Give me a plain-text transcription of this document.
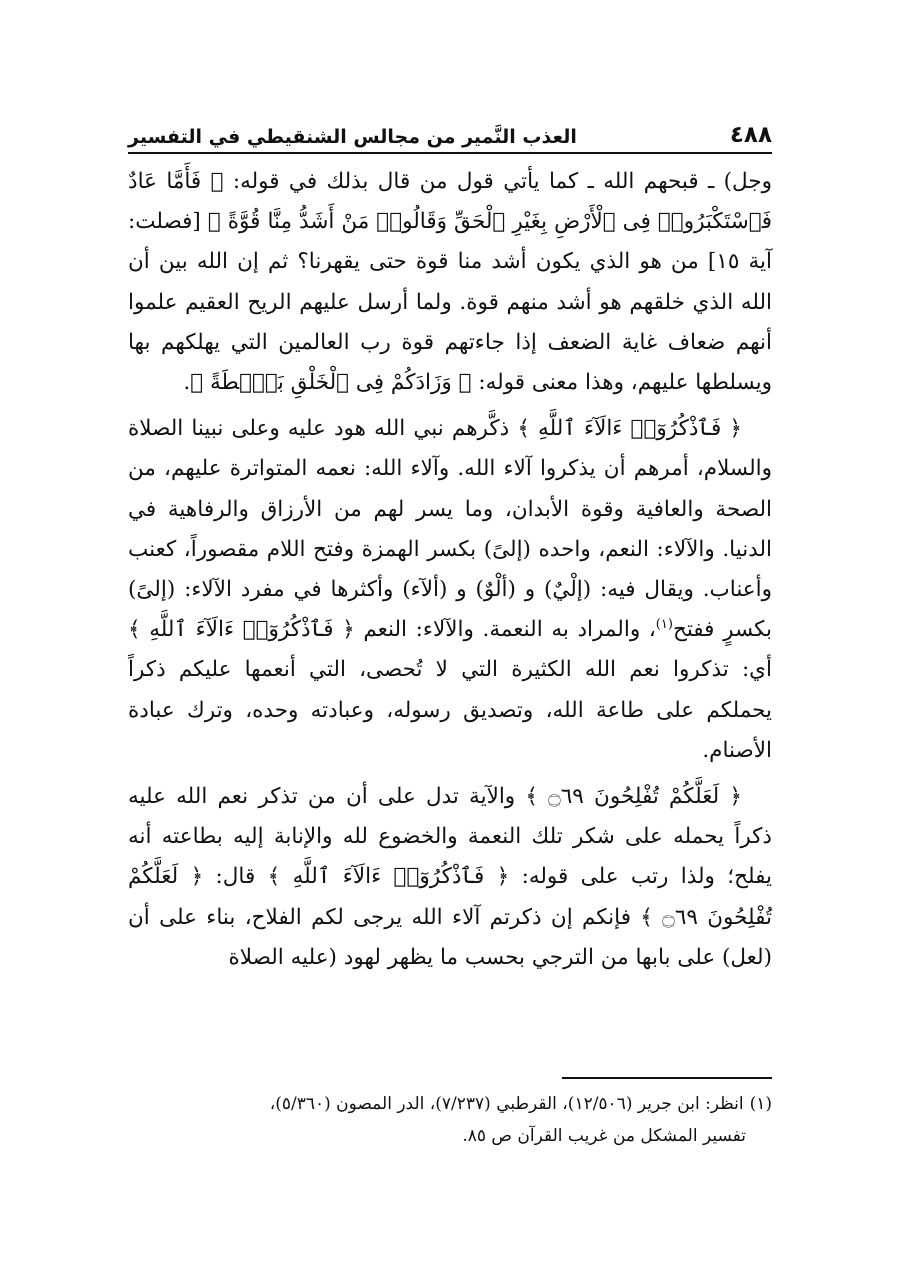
٤٨٨
العذب النَّمير من مجالس الشنقيطي في التفسير

وجل) ـ قبحهم الله ـ كما يأتي قول من قال بذلك في قوله: ﴿ فَأَمَّا عَادٌ فَٱسْتَكْبَرُوا۟ فِى ٱلْأَرْضِ بِغَيْرِ ٱلْحَقِّ وَقَالُوا۟ مَنْ أَشَدُّ مِنَّا قُوَّةً ﴾ [فصلت: آية ١٥] من هو الذي يكون أشد منا قوة حتى يقهرنا؟ ثم إن الله بين أن الله الذي خلقهم هو أشد منهم قوة. ولما أرسل عليهم الريح العقيم علموا أنهم ضعاف غاية الضعف إذا جاءتهم قوة رب العالمين التي يهلكهم بها ويسلطها عليهم، وهذا معنى قوله: ﴿ وَزَادَكُمْ فِى ٱلْخَلْقِ بَصْۜطَةً ﴾.

﴿ فَٱذْكُرُوٓا۟ ءَالَآءَ ٱللَّهِ ﴾ ذكَّرهم نبي الله هود عليه وعلى نبينا الصلاة والسلام، أمرهم أن يذكروا آلاء الله. وآلاء الله: نعمه المتواترة عليهم، من الصحة والعافية وقوة الأبدان، وما يسر لهم من الأرزاق والرفاهية في الدنيا. والآلاء: النعم، واحده (إلىً) بكسر الهمزة وفتح اللام مقصوراً، كعنب وأعناب. ويقال فيه: (إلْيٌ) و (ألْوٌ) و (ألآء) وأكثرها في مفرد الآلاء: (إلىً) بكسرٍ ففتح$^{(١)}$، والمراد به النعمة. والآلاء: النعم ﴿ فَٱذْكُرُوٓا۟ ءَالَآءَ ٱللَّهِ ﴾ أي: تذكروا نعم الله الكثيرة التي لا تُحصى، التي أنعمها عليكم ذكراً يحملكم على طاعة الله، وتصديق رسوله، وعبادته وحده، وترك عبادة الأصنام.

﴿ لَعَلَّكُمْ تُفْلِحُونَ ۝٦٩ ﴾ والآية تدل على أن من تذكر نعم الله عليه ذكراً يحمله على شكر تلك النعمة والخضوع لله والإنابة إليه بطاعته أنه يفلح؛ ولذا رتب على قوله: ﴿ فَٱذْكُرُوٓا۟ ءَالَآءَ ٱللَّهِ ﴾ قال: ﴿ لَعَلَّكُمْ تُفْلِحُونَ ۝٦٩ ﴾ فإنكم إن ذكرتم آلاء الله يرجى لكم الفلاح، بناء على أن (لعل) على بابها من الترجي بحسب ما يظهر لهود (عليه الصلاة

(١)انظر: ابن جرير (١٢/٥٠٦)، القرطبي (٧/٢٣٧)، الدر المصون (٥/٣٦٠)،

تفسير المشكل من غريب القرآن ص ٨٥.
